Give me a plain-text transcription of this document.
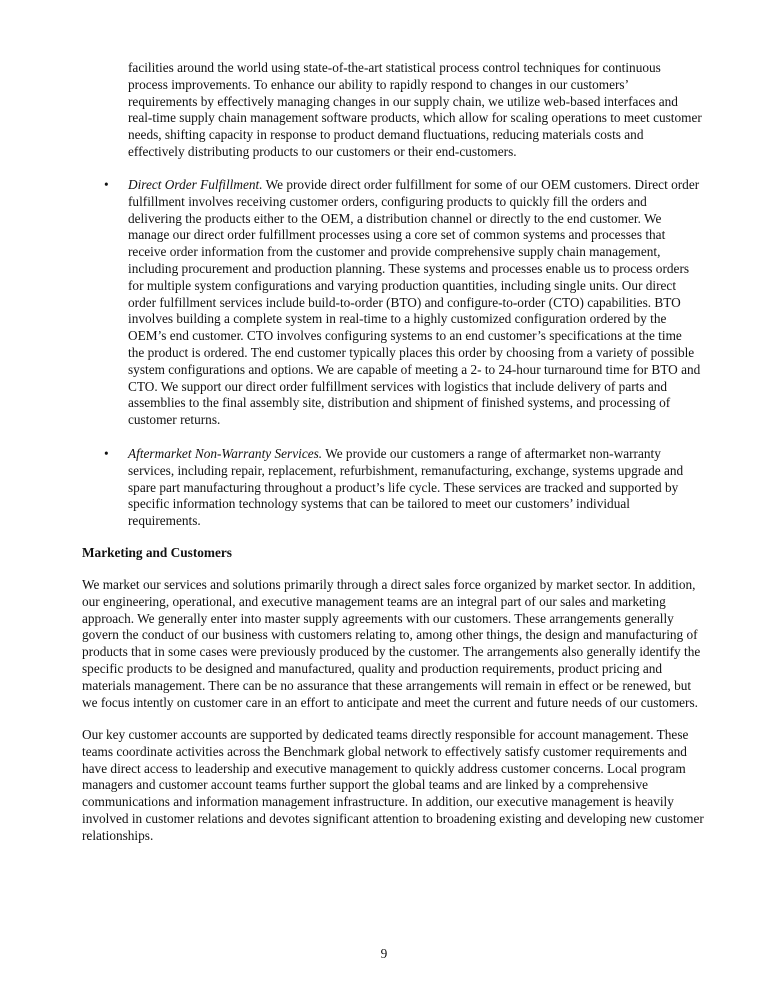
facilities around the world using state-of-the-art statistical process control techniques for continuous
process improvements. To enhance our ability to rapidly respond to changes in our customers’
requirements by effectively managing changes in our supply chain, we utilize web-based interfaces and
real-time supply chain management software products, which allow for scaling operations to meet customer
needs, shifting capacity in response to product demand fluctuations, reducing materials costs and
effectively distributing products to our customers or their end-customers.
• Direct Order Fulfillment. We provide direct order fulfillment for some of our OEM customers. Direct order
fulfillment involves receiving customer orders, configuring products to quickly fill the orders and
delivering the products either to the OEM, a distribution channel or directly to the end customer. We
manage our direct order fulfillment processes using a core set of common systems and processes that
receive order information from the customer and provide comprehensive supply chain management,
including procurement and production planning. These systems and processes enable us to process orders
for multiple system configurations and varying production quantities, including single units. Our direct
order fulfillment services include build-to-order (BTO) and configure-to-order (CTO) capabilities. BTO
involves building a complete system in real-time to a highly customized configuration ordered by the
OEM’s end customer. CTO involves configuring systems to an end customer’s specifications at the time
the product is ordered. The end customer typically places this order by choosing from a variety of possible
system configurations and options. We are capable of meeting a 2- to 24-hour turnaround time for BTO and
CTO. We support our direct order fulfillment services with logistics that include delivery of parts and
assemblies to the final assembly site, distribution and shipment of finished systems, and processing of
customer returns.
• Aftermarket Non-Warranty Services. We provide our customers a range of aftermarket non-warranty
services, including repair, replacement, refurbishment, remanufacturing, exchange, systems upgrade and
spare part manufacturing throughout a product’s life cycle. These services are tracked and supported by
specific information technology systems that can be tailored to meet our customers’ individual
requirements.
Marketing and Customers
We market our services and solutions primarily through a direct sales force organized by market sector. In addition,
our engineering, operational, and executive management teams are an integral part of our sales and marketing
approach. We generally enter into master supply agreements with our customers. These arrangements generally
govern the conduct of our business with customers relating to, among other things, the design and manufacturing of
products that in some cases were previously produced by the customer. The arrangements also generally identify the
specific products to be designed and manufactured, quality and production requirements, product pricing and
materials management. There can be no assurance that these arrangements will remain in effect or be renewed, but
we focus intently on customer care in an effort to anticipate and meet the current and future needs of our customers.
Our key customer accounts are supported by dedicated teams directly responsible for account management. These
teams coordinate activities across the Benchmark global network to effectively satisfy customer requirements and
have direct access to leadership and executive management to quickly address customer concerns. Local program
managers and customer account teams further support the global teams and are linked by a comprehensive
communications and information management infrastructure. In addition, our executive management is heavily
involved in customer relations and devotes significant attention to broadening existing and developing new customer
relationships.
9
